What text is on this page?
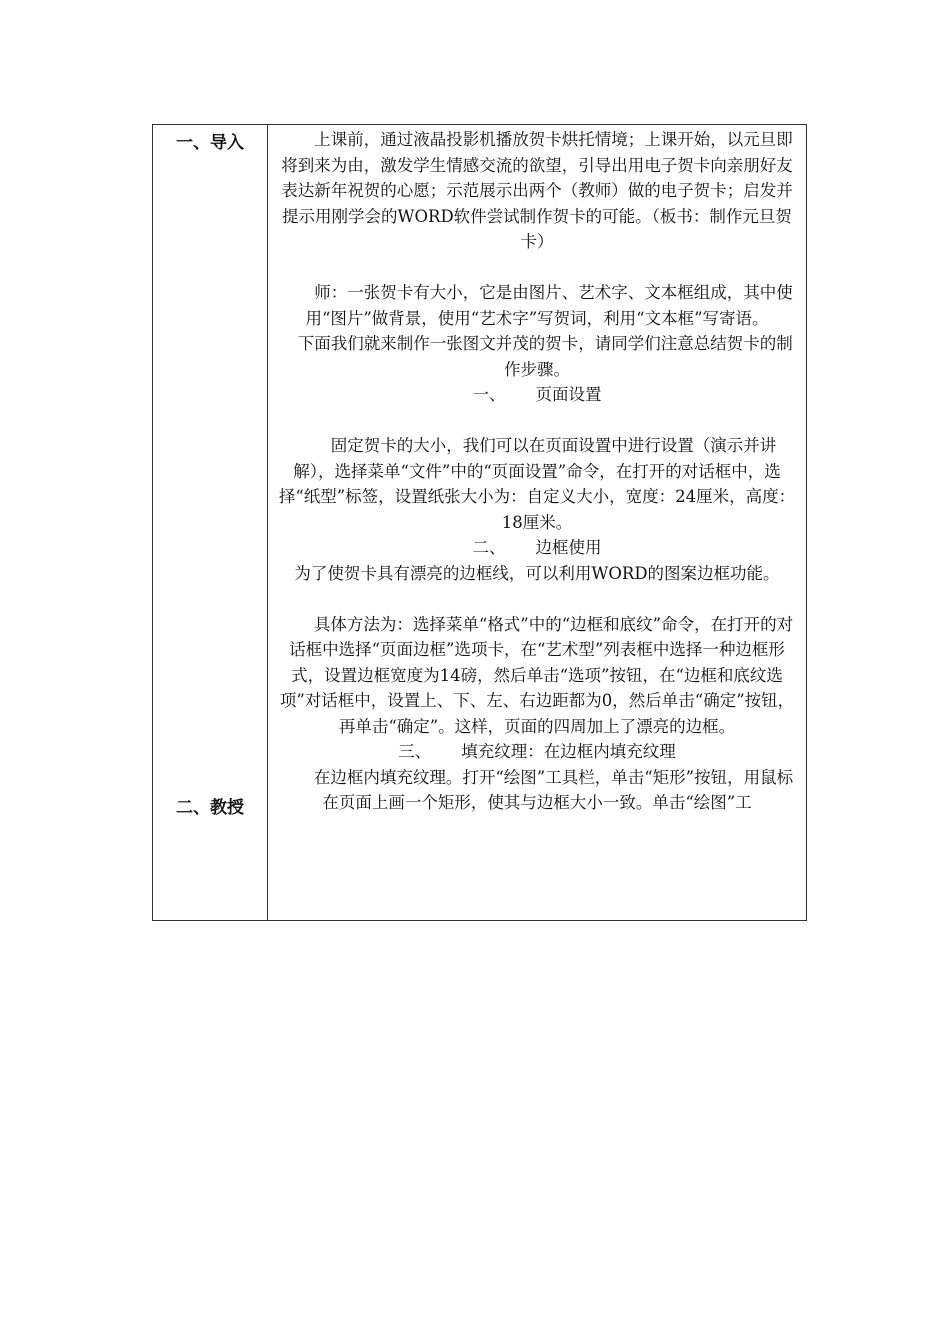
一、导入
二、教授

上课前，通过液晶投影机播放贺卡烘托情境；上课开始，以元旦即将到来为由，激发学生情感交流的欲望，引导出用电子贺卡向亲朋好友表达新年祝贺的心愿；示范展示出两个（教师）做的电子贺卡；启发并提示用刚学会的WORD软件尝试制作贺卡的可能。（板书：制作元旦贺卡）

师：一张贺卡有大小，它是由图片、艺术字、文本框组成，其中使用“图片”做背景，使用“艺术字”写贺词，利用“文本框”写寄语。

下面我们就来制作一张图文并茂的贺卡，请同学们注意总结贺卡的制作步骤。

一、 页面设置

固定贺卡的大小，我们可以在页面设置中进行设置（演示并讲解），选择菜单“文件”中的“页面设置”命令，在打开的对话框中，选择“纸型”标签，设置纸张大小为：自定义大小，宽度：24厘米，高度：18厘米。

二、 边框使用

为了使贺卡具有漂亮的边框线，可以利用WORD的图案边框功能。

具体方法为：选择菜单“格式”中的“边框和底纹”命令，在打开的对话框中选择“页面边框”选项卡，在“艺术型”列表框中选择一种边框形式，设置边框宽度为14磅，然后单击“选项”按钮，在“边框和底纹选项”对话框中，设置上、下、左、右边距都为0，然后单击“确定”按钮，再单击“确定”。这样，页面的四周加上了漂亮的边框。

三、 填充纹理：在边框内填充纹理

在边框内填充纹理。打开“绘图”工具栏，单击“矩形”按钮，用鼠标在页面上画一个矩形，使其与边框大小一致。单击“绘图”工
